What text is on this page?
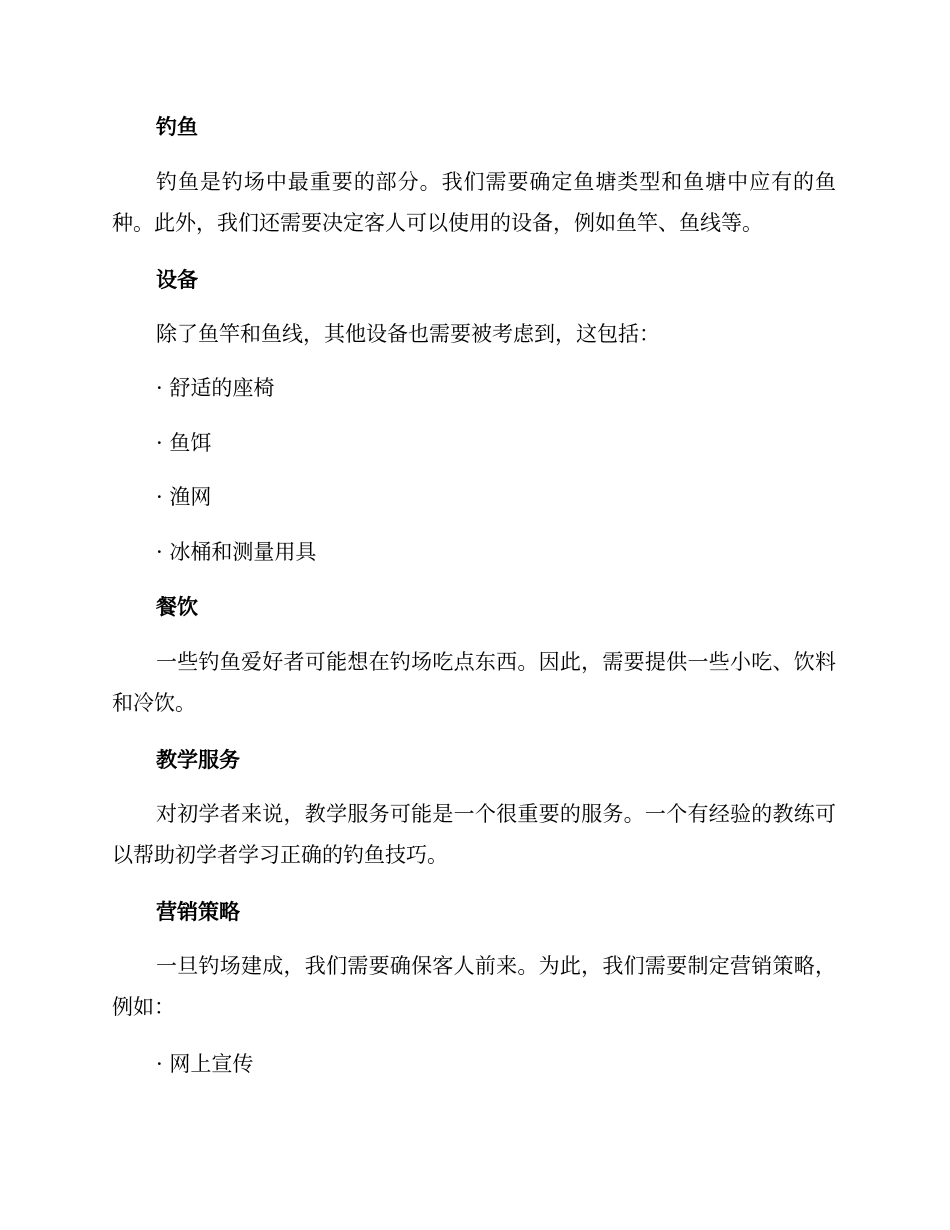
钓鱼
钓鱼是钓场中最重要的部分。我们需要确定鱼塘类型和鱼塘中应有的鱼种。此外，我们还需要决定客人可以使用的设备，例如鱼竿、鱼线等。
设备
除了鱼竿和鱼线，其他设备也需要被考虑到，这包括：
· 舒适的座椅
· 鱼饵
· 渔网
· 冰桶和测量用具
餐饮
一些钓鱼爱好者可能想在钓场吃点东西。因此，需要提供一些小吃、饮料和冷饮。
教学服务
对初学者来说，教学服务可能是一个很重要的服务。一个有经验的教练可以帮助初学者学习正确的钓鱼技巧。
营销策略
一旦钓场建成，我们需要确保客人前来。为此，我们需要制定营销策略，例如：
· 网上宣传
